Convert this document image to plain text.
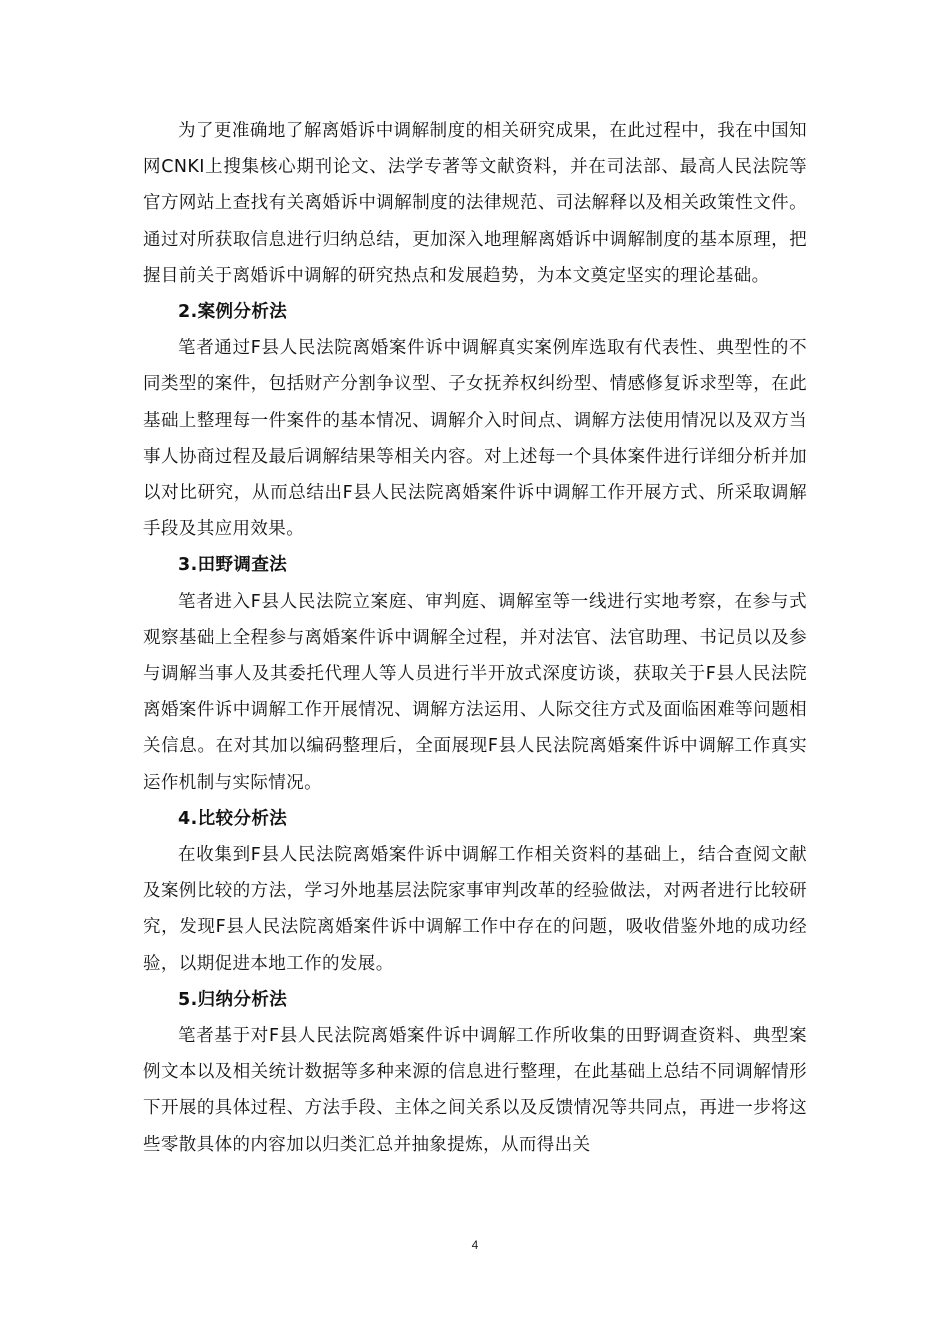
为了更准确地了解离婚诉中调解制度的相关研究成果，在此过程中，我在中国知网CNKI上搜集核心期刊论文、法学专著等文献资料，并在司法部、最高人民法院等官方网站上查找有关离婚诉中调解制度的法律规范、司法解释以及相关政策性文件。通过对所获取信息进行归纳总结，更加深入地理解离婚诉中调解制度的基本原理，把握目前关于离婚诉中调解的研究热点和发展趋势，为本文奠定坚实的理论基础。

2.案例分析法

笔者通过F县人民法院离婚案件诉中调解真实案例库选取有代表性、典型性的不同类型的案件，包括财产分割争议型、子女抚养权纠纷型、情感修复诉求型等，在此基础上整理每一件案件的基本情况、调解介入时间点、调解方法使用情况以及双方当事人协商过程及最后调解结果等相关内容。对上述每一个具体案件进行详细分析并加以对比研究，从而总结出F县人民法院离婚案件诉中调解工作开展方式、所采取调解手段及其应用效果。

3.田野调查法

笔者进入F县人民法院立案庭、审判庭、调解室等一线进行实地考察，在参与式观察基础上全程参与离婚案件诉中调解全过程，并对法官、法官助理、书记员以及参与调解当事人及其委托代理人等人员进行半开放式深度访谈，获取关于F县人民法院离婚案件诉中调解工作开展情况、调解方法运用、人际交往方式及面临困难等问题相关信息。在对其加以编码整理后，全面展现F县人民法院离婚案件诉中调解工作真实运作机制与实际情况。

4.比较分析法

在收集到F县人民法院离婚案件诉中调解工作相关资料的基础上，结合查阅文献及案例比较的方法，学习外地基层法院家事审判改革的经验做法，对两者进行比较研究，发现F县人民法院离婚案件诉中调解工作中存在的问题，吸收借鉴外地的成功经验，以期促进本地工作的发展。

5.归纳分析法

笔者基于对F县人民法院离婚案件诉中调解工作所收集的田野调查资料、典型案例文本以及相关统计数据等多种来源的信息进行整理，在此基础上总结不同调解情形下开展的具体过程、方法手段、主体之间关系以及反馈情况等共同点，再进一步将这些零散具体的内容加以归类汇总并抽象提炼，从而得出关

4
